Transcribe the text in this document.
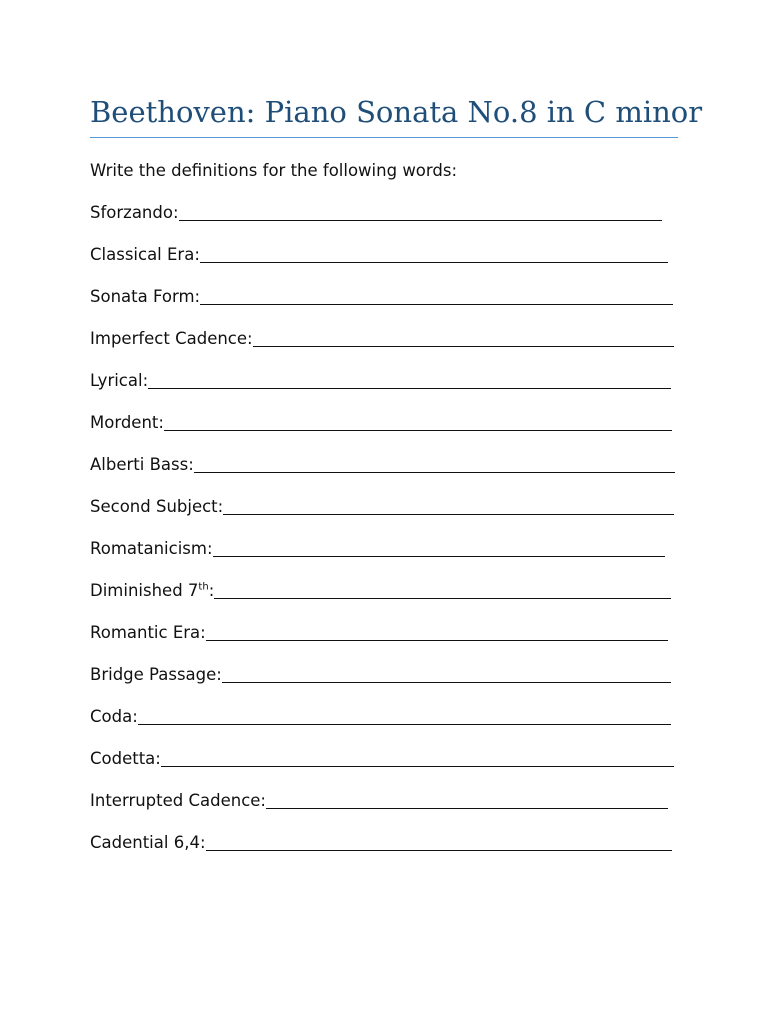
Beethoven: Piano Sonata No.8 in C minor

Write the definitions for the following words:

Sforzando:
Classical Era:
Sonata Form:
Imperfect Cadence:
Lyrical:
Mordent:
Alberti Bass:
Second Subject:
Romatanicism:
Diminished 7th:
Romantic Era:
Bridge Passage:
Coda:
Codetta:
Interrupted Cadence:
Cadential 6,4:
